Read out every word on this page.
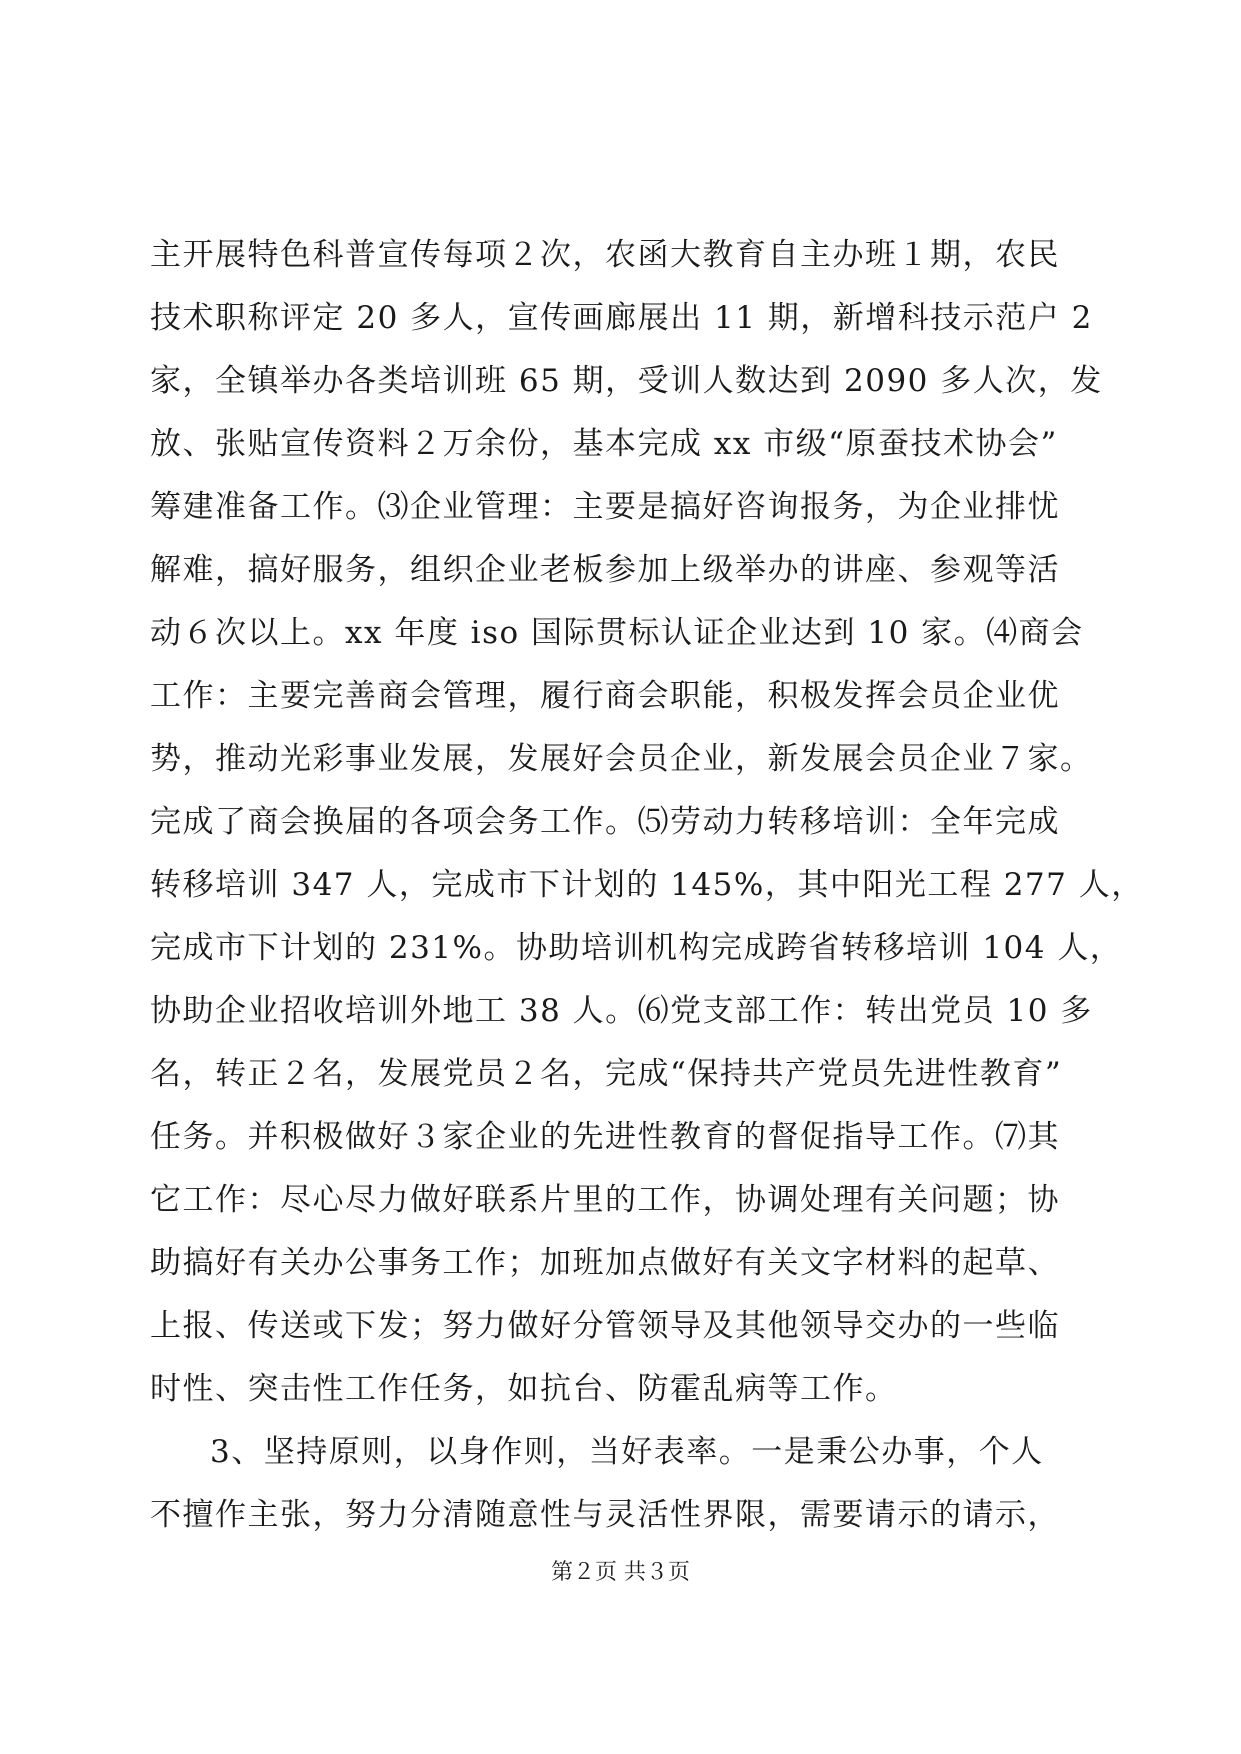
主开展特色科普宣传每项２次，农函大教育自主办班１期，农民
技术职称评定 20 多人，宣传画廊展出 11 期，新增科技示范户 2
家，全镇举办各类培训班 65 期，受训人数达到 2090 多人次，发
放、张贴宣传资料２万余份，基本完成 xx 市级“原蚕技术协会”
筹建准备工作。⑶企业管理：主要是搞好咨询报务，为企业排忧
解难，搞好服务，组织企业老板参加上级举办的讲座、参观等活
动６次以上。xx 年度 iso 国际贯标认证企业达到 10 家。⑷商会
工作：主要完善商会管理，履行商会职能，积极发挥会员企业优
势，推动光彩事业发展，发展好会员企业，新发展会员企业７家。
完成了商会换届的各项会务工作。⑸劳动力转移培训：全年完成
转移培训 347 人，完成市下计划的 145%，其中阳光工程 277 人，
完成市下计划的 231%。协助培训机构完成跨省转移培训 104 人，
协助企业招收培训外地工 38 人。⑹党支部工作：转出党员 10 多
名，转正２名，发展党员２名，完成“保持共产党员先进性教育”
任务。并积极做好３家企业的先进性教育的督促指导工作。⑺其
它工作：尽心尽力做好联系片里的工作，协调处理有关问题；协
助搞好有关办公事务工作；加班加点做好有关文字材料的起草、
上报、传送或下发；努力做好分管领导及其他领导交办的一些临
时性、突击性工作任务，如抗台、防霍乱病等工作。
3、坚持原则，以身作则，当好表率。一是秉公办事，个人
不擅作主张，努力分清随意性与灵活性界限，需要请示的请示，
第２页 共３页
